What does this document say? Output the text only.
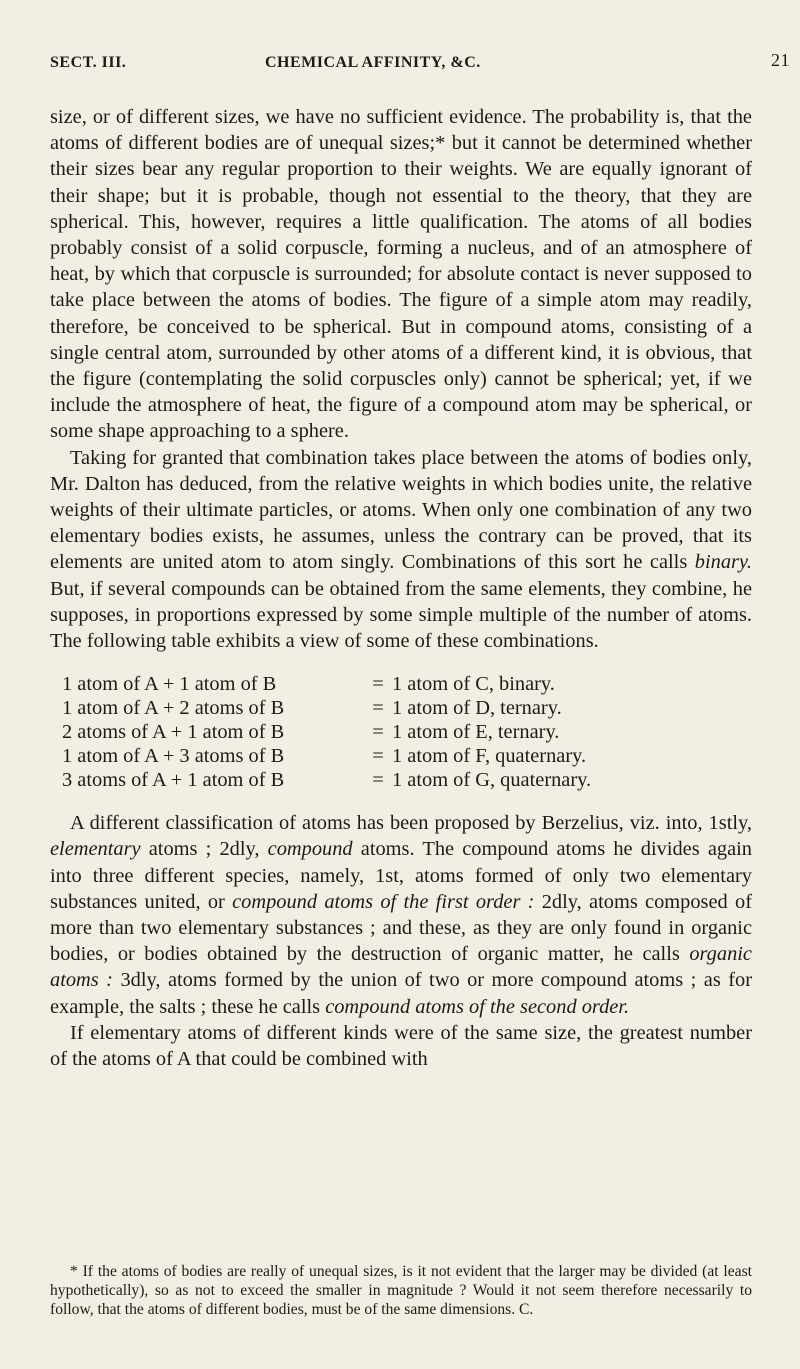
SECT. III.	CHEMICAL AFFINITY, &C.	21

size, or of different sizes, we have no sufficient evidence. The probability is, that the atoms of different bodies are of unequal sizes;* but it cannot be determined whether their sizes bear any regular proportion to their weights. We are equally ignorant of their shape; but it is probable, though not essential to the theory, that they are spherical. This, however, requires a little qualification. The atoms of all bodies probably consist of a solid corpuscle, forming a nucleus, and of an atmosphere of heat, by which that corpuscle is surrounded; for absolute contact is never supposed to take place between the atoms of bodies. The figure of a simple atom may readily, therefore, be conceived to be spherical. But in compound atoms, consisting of a single central atom, surrounded by other atoms of a different kind, it is obvious, that the figure (contemplating the solid corpuscles only) cannot be spherical; yet, if we include the atmosphere of heat, the figure of a compound atom may be spherical, or some shape approaching to a sphere.

Taking for granted that combination takes place between the atoms of bodies only, Mr. Dalton has deduced, from the relative weights in which bodies unite, the relative weights of their ultimate particles, or atoms. When only one combination of any two elementary bodies exists, he assumes, unless the contrary can be proved, that its elements are united atom to atom singly. Combinations of this sort he calls binary. But, if several compounds can be obtained from the same elements, they combine, he supposes, in proportions expressed by some simple multiple of the number of atoms. The following table exhibits a view of some of these combinations.

1 atom of A + 1 atom of B	= 1 atom of C, binary.
1 atom of A + 2 atoms of B	= 1 atom of D, ternary.
2 atoms of A + 1 atom of B	= 1 atom of E, ternary.
1 atom of A + 3 atoms of B	= 1 atom of F, quaternary.
3 atoms of A + 1 atom of B	= 1 atom of G, quaternary.

A different classification of atoms has been proposed by Berzelius, viz. into, 1stly, elementary atoms ; 2dly, compound atoms. The compound atoms he divides again into three different species, namely, 1st, atoms formed of only two elementary substances united, or compound atoms of the first order : 2dly, atoms composed of more than two elementary substances ; and these, as they are only found in organic bodies, or bodies obtained by the destruction of organic matter, he calls organic atoms : 3dly, atoms formed by the union of two or more compound atoms ; as for example, the salts ; these he calls compound atoms of the second order.

If elementary atoms of different kinds were of the same size, the greatest number of the atoms of A that could be combined with

* If the atoms of bodies are really of unequal sizes, is it not evident that the larger may be divided (at least hypothetically), so as not to exceed the smaller in magnitude ? Would it not seem therefore necessarily to follow, that the atoms of different bodies, must be of the same dimensions. C.
